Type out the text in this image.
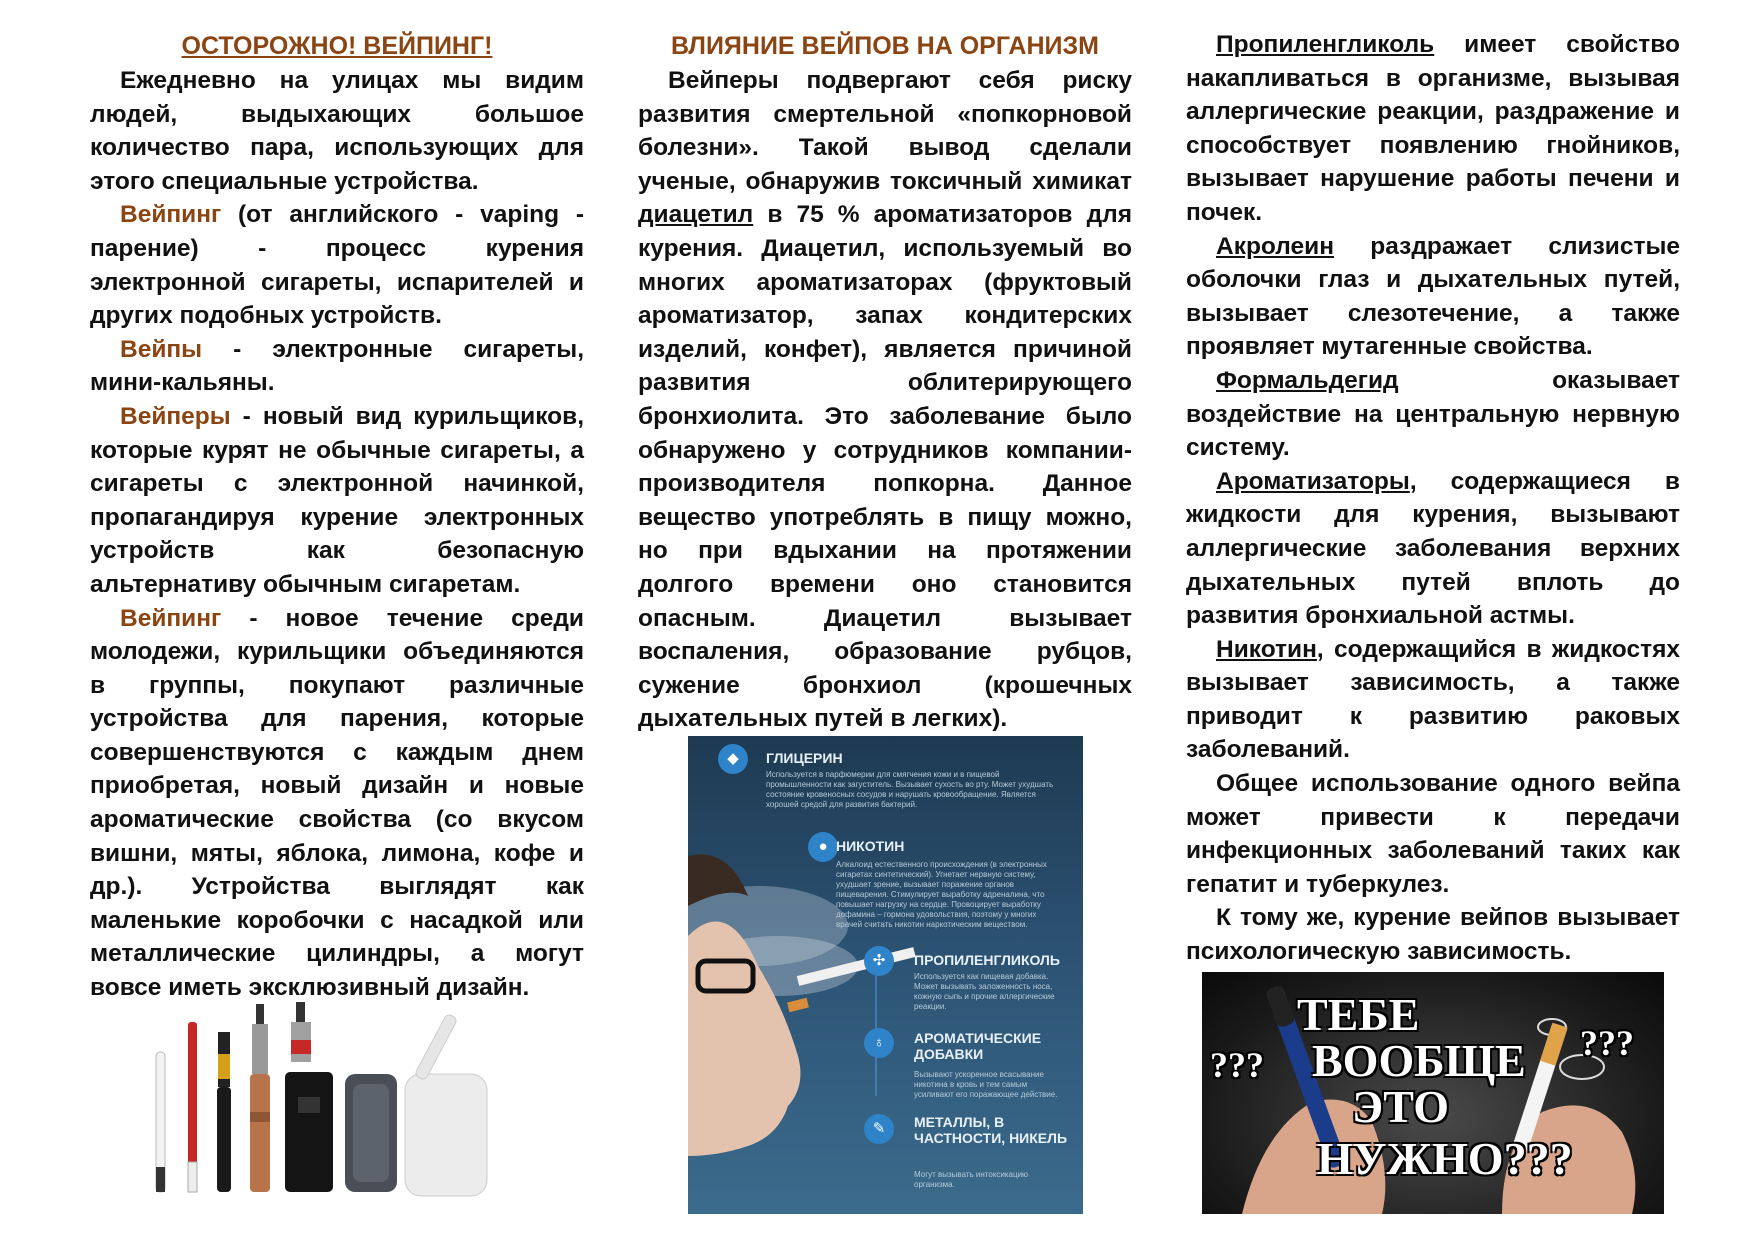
ОСТОРОЖНО! ВЕЙПИНГ!

Ежедневно на улицах мы видим людей, выдыхающих большое количество пара, использующих для этого специальные устройства.

Вейпинг (от английского - vaping - парение) - процесс курения электронной сигареты, испарителей и других подобных устройств.

Вейпы - электронные сигареты, мини-кальяны.

Вейперы - новый вид курильщиков, которые курят не обычные сигареты, а сигареты с электронной начинкой, пропагандируя курение электронных устройств как безопасную альтернативу обычным сигаретам.

Вейпинг - новое течение среди молодежи, курильщики объединяются в группы, покупают различные устройства для парения, которые совершенствуются с каждым днем приобретая, новый дизайн и новые ароматические свойства (со вкусом вишни, мяты, яблока, лимона, кофе и др.). Устройства выглядят как маленькие коробочки с насадкой или металлические цилиндры, а могут вовсе иметь эксклюзивный дизайн.

ВЛИЯНИЕ ВЕЙПОВ НА ОРГАНИЗМ

Вейперы подвергают себя риску развития смертельной «попкорновой болезни». Такой вывод сделали ученые, обнаружив токсичный химикат диацетил в 75 % ароматизаторов для курения. Диацетил, используемый во многих ароматизаторах (фруктовый ароматизатор, запах кондитерских изделий, конфет), является причиной развития облитерирующего бронхиолита. Это заболевание было обнаружено у сотрудников компании-производителя попкорна. Данное вещество употреблять в пищу можно, но при вдыхании на протяжении долгого времени оно становится опасным. Диацетил вызывает воспаления, образование рубцов, сужение бронхиол (крошечных дыхательных путей в легких).

◆	ГЛИЦЕРИН
Используется в парфюмерии для смягчения кожи и в пищевой промышленности как загуститель. Вызывает сухость во рту. Может ухудшать состояние кровеносных сосудов и нарушать кровообращение. Является хорошей средой для развития бактерий.
● НИКОТИН
Алкалоид естественного происхождения (в электронных сигаретах синтетический). Угнетает нервную систему, ухудшает зрение, вызывает поражение органов пищеварения. Стимулирует выработку адреналина, что повышает нагрузку на сердце. Провоцирует выработку дофамина – гормона удовольствия, поэтому у многих врачей считать никотин наркотическим веществом.
✣	ПРОПИЛЕНГЛИКОЛЬ
Используется как пищевая добавка. Может вызывать заложенность носа, кожную сыпь и прочие аллергические реакции.
♁	АРОМАТИЧЕСКИЕ ДОБАВКИ
Вызывают ускоренное всасывание никотина в кровь и тем самым усиливают его поражающее действие.
✎	МЕТАЛЛЫ, В ЧАСТНОСТИ, НИКЕЛЬ
Могут вызывать интоксикацию организма.

Пропиленгликоль имеет свойство накапливаться в организме, вызывая аллергические реакции, раздражение и способствует появлению гнойников, вызывает нарушение работы печени и почек.

Акролеин раздражает слизистые оболочки глаз и дыхательных путей, вызывает слезотечение, а также проявляет мутагенные свойства.

Формальдегид оказывает воздействие на центральную нервную систему.

Ароматизаторы, содержащиеся в жидкости для курения, вызывают аллергические заболевания верхних дыхательных путей вплоть до развития бронхиальной астмы.

Никотин, содержащийся в жидкостях вызывает зависимость, а также приводит к развитию раковых заболеваний.

Общее использование одного вейпа может привести к передачи инфекционных заболеваний таких как гепатит и туберкулез.

К тому же, курение вейпов вызывает психологическую зависимость.

ТЕБЕ
ВООБЩЕ
ЭТО
НУЖНО???
???
???
